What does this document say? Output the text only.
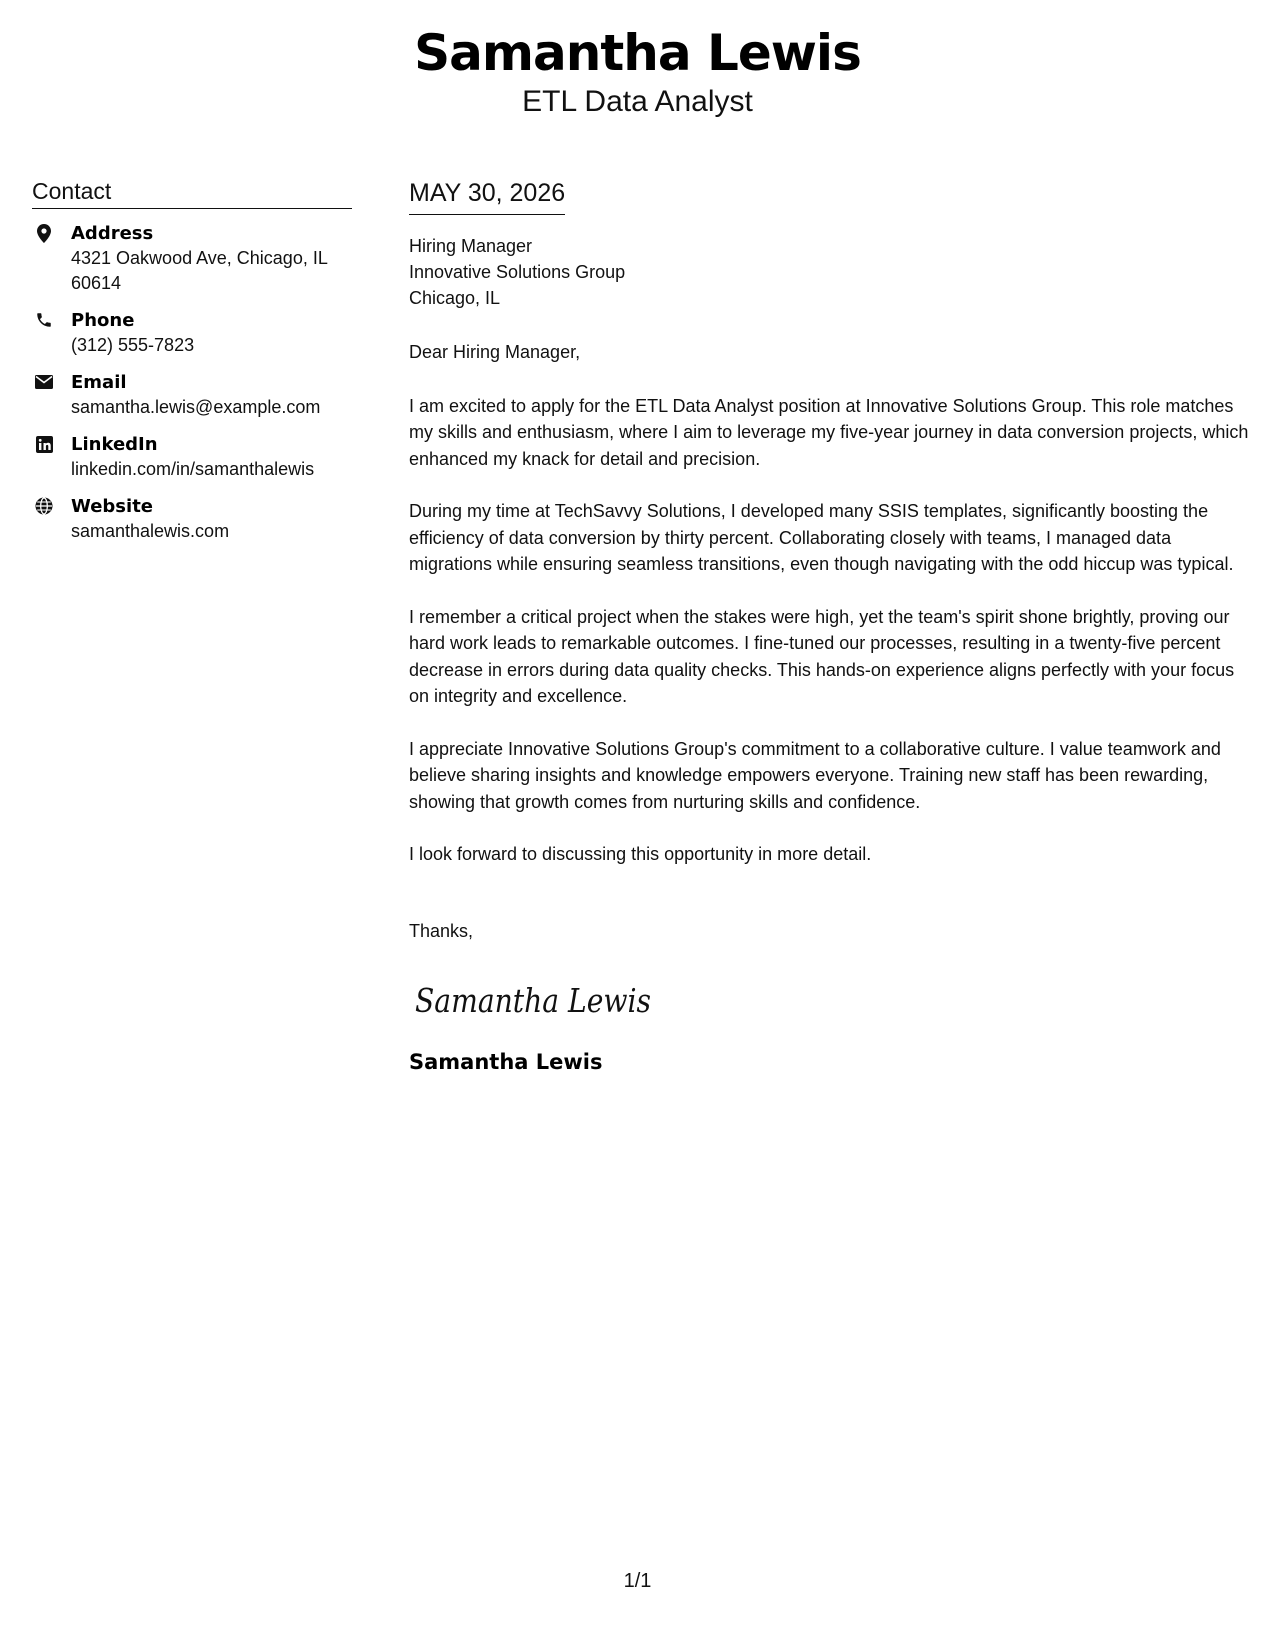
Samantha Lewis
ETL Data Analyst
Contact
Address
4321 Oakwood Ave, Chicago, IL 60614
Phone
(312) 555-7823
Email
samantha.lewis@example.com
LinkedIn
linkedin.com/in/samanthalewis
Website
samanthalewis.com
MAY 30, 2026
Hiring Manager
Innovative Solutions Group
Chicago, IL

Dear Hiring Manager,

I am excited to apply for the ETL Data Analyst position at Innovative Solutions Group. This role matches my skills and enthusiasm, where I aim to leverage my five-year journey in data conversion projects, which enhanced my knack for detail and precision.

During my time at TechSavvy Solutions, I developed many SSIS templates, significantly boosting the efficiency of data conversion by thirty percent. Collaborating closely with teams, I managed data migrations while ensuring seamless transitions, even though navigating with the odd hiccup was typical.

I remember a critical project when the stakes were high, yet the team's spirit shone brightly, proving our hard work leads to remarkable outcomes. I fine-tuned our processes, resulting in a twenty-five percent decrease in errors during data quality checks. This hands-on experience aligns perfectly with your focus on integrity and excellence.

I appreciate Innovative Solutions Group's commitment to a collaborative culture. I value teamwork and believe sharing insights and knowledge empowers everyone. Training new staff has been rewarding, showing that growth comes from nurturing skills and confidence.

I look forward to discussing this opportunity in more detail.

Thanks,
Samantha Lewis
Samantha Lewis
1/1
